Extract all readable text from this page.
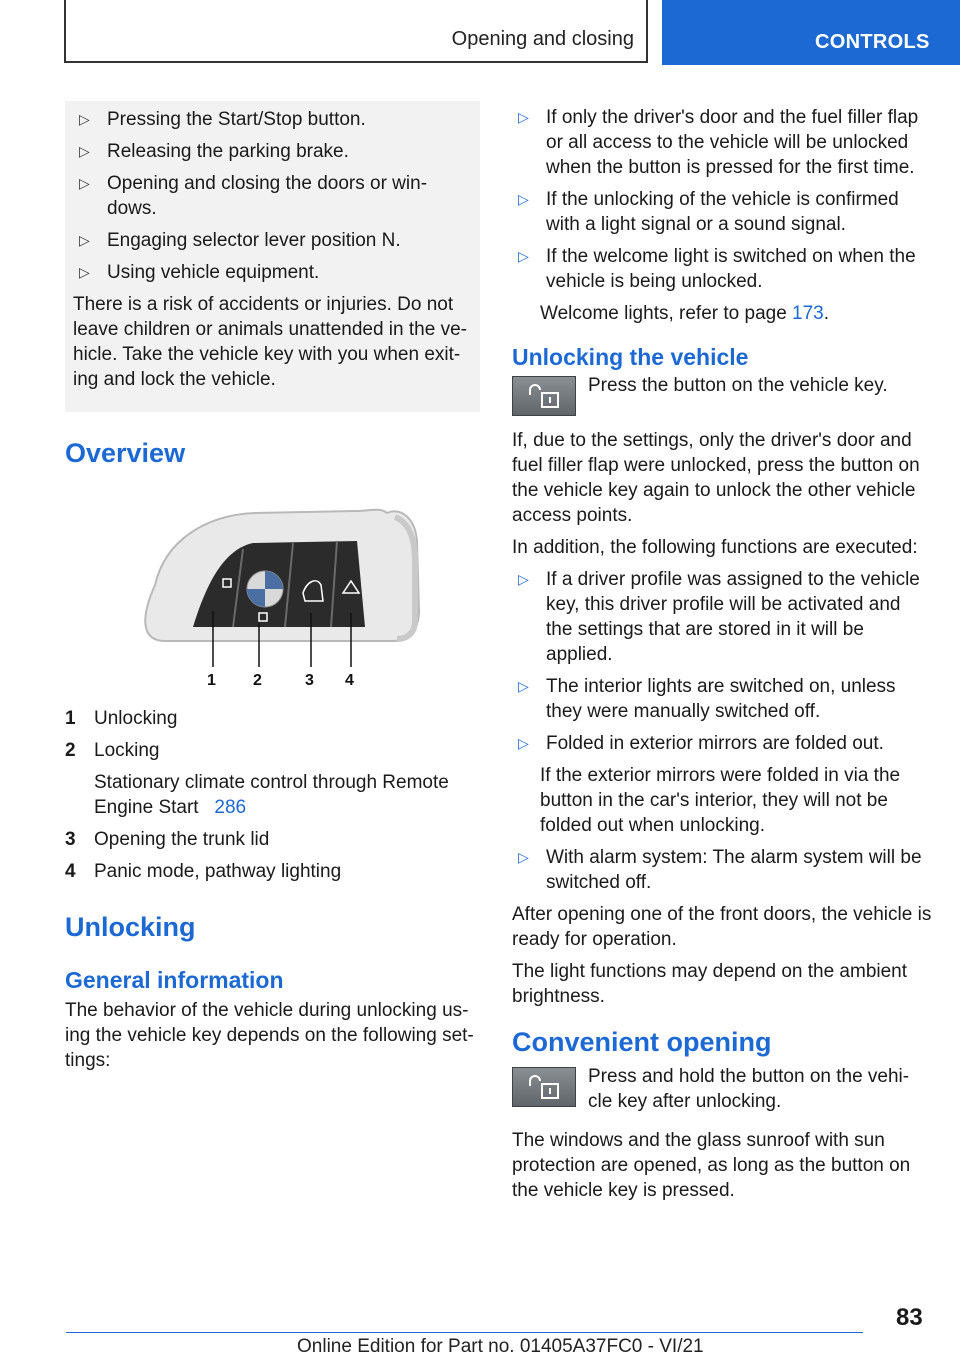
Opening and closing	CONTROLS
▷ Pressing the Start/Stop button.
▷ Releasing the parking brake.
▷ Opening and closing the doors or win-dows.
▷ Engaging selector lever position N.
▷ Using vehicle equipment.

There is a risk of accidents or injuries. Do not leave children or animals unattended in the ve-hicle. Take the vehicle key with you when exit-ing and lock the vehicle.

Overview
1 2	3 4
1 Unlocking
2 Locking
Stationary climate control through Remote Engine Start 286
3 Opening the trunk lid
4 Panic mode, pathway lighting
Unlocking
General information

The behavior of the vehicle during unlocking us-ing the vehicle key depends on the following set-tings:

▷ If only the driver's door and the fuel filler flap or all access to the vehicle will be unlocked when the button is pressed for the first time.
▷ If the unlocking of the vehicle is confirmed with a light signal or a sound signal.
▷ If the welcome light is switched on when the vehicle is being unlocked.
Welcome lights, refer to page 173.
Unlocking the vehicle

Press the button on the vehicle key.

If, due to the settings, only the driver's door and fuel filler flap were unlocked, press the button on the vehicle key again to unlock the other vehicle access points.

In addition, the following functions are executed:

▷ If a driver profile was assigned to the vehicle key, this driver profile will be activated and the settings that are stored in it will be applied.
▷ The interior lights are switched on, unless they were manually switched off.
▷ Folded in exterior mirrors are folded out.
If the exterior mirrors were folded in via the button in the car's interior, they will not be folded out when unlocking.
▷ With alarm system: The alarm system will be switched off.

After opening one of the front doors, the vehicle is ready for operation.

The light functions may depend on the ambient brightness.

Convenient opening

Press and hold the button on the vehi-cle key after unlocking.

The windows and the glass sunroof with sun protection are opened, as long as the button on the vehicle key is pressed.

83
Online Edition for Part no. 01405A37FC0 - VI/21
